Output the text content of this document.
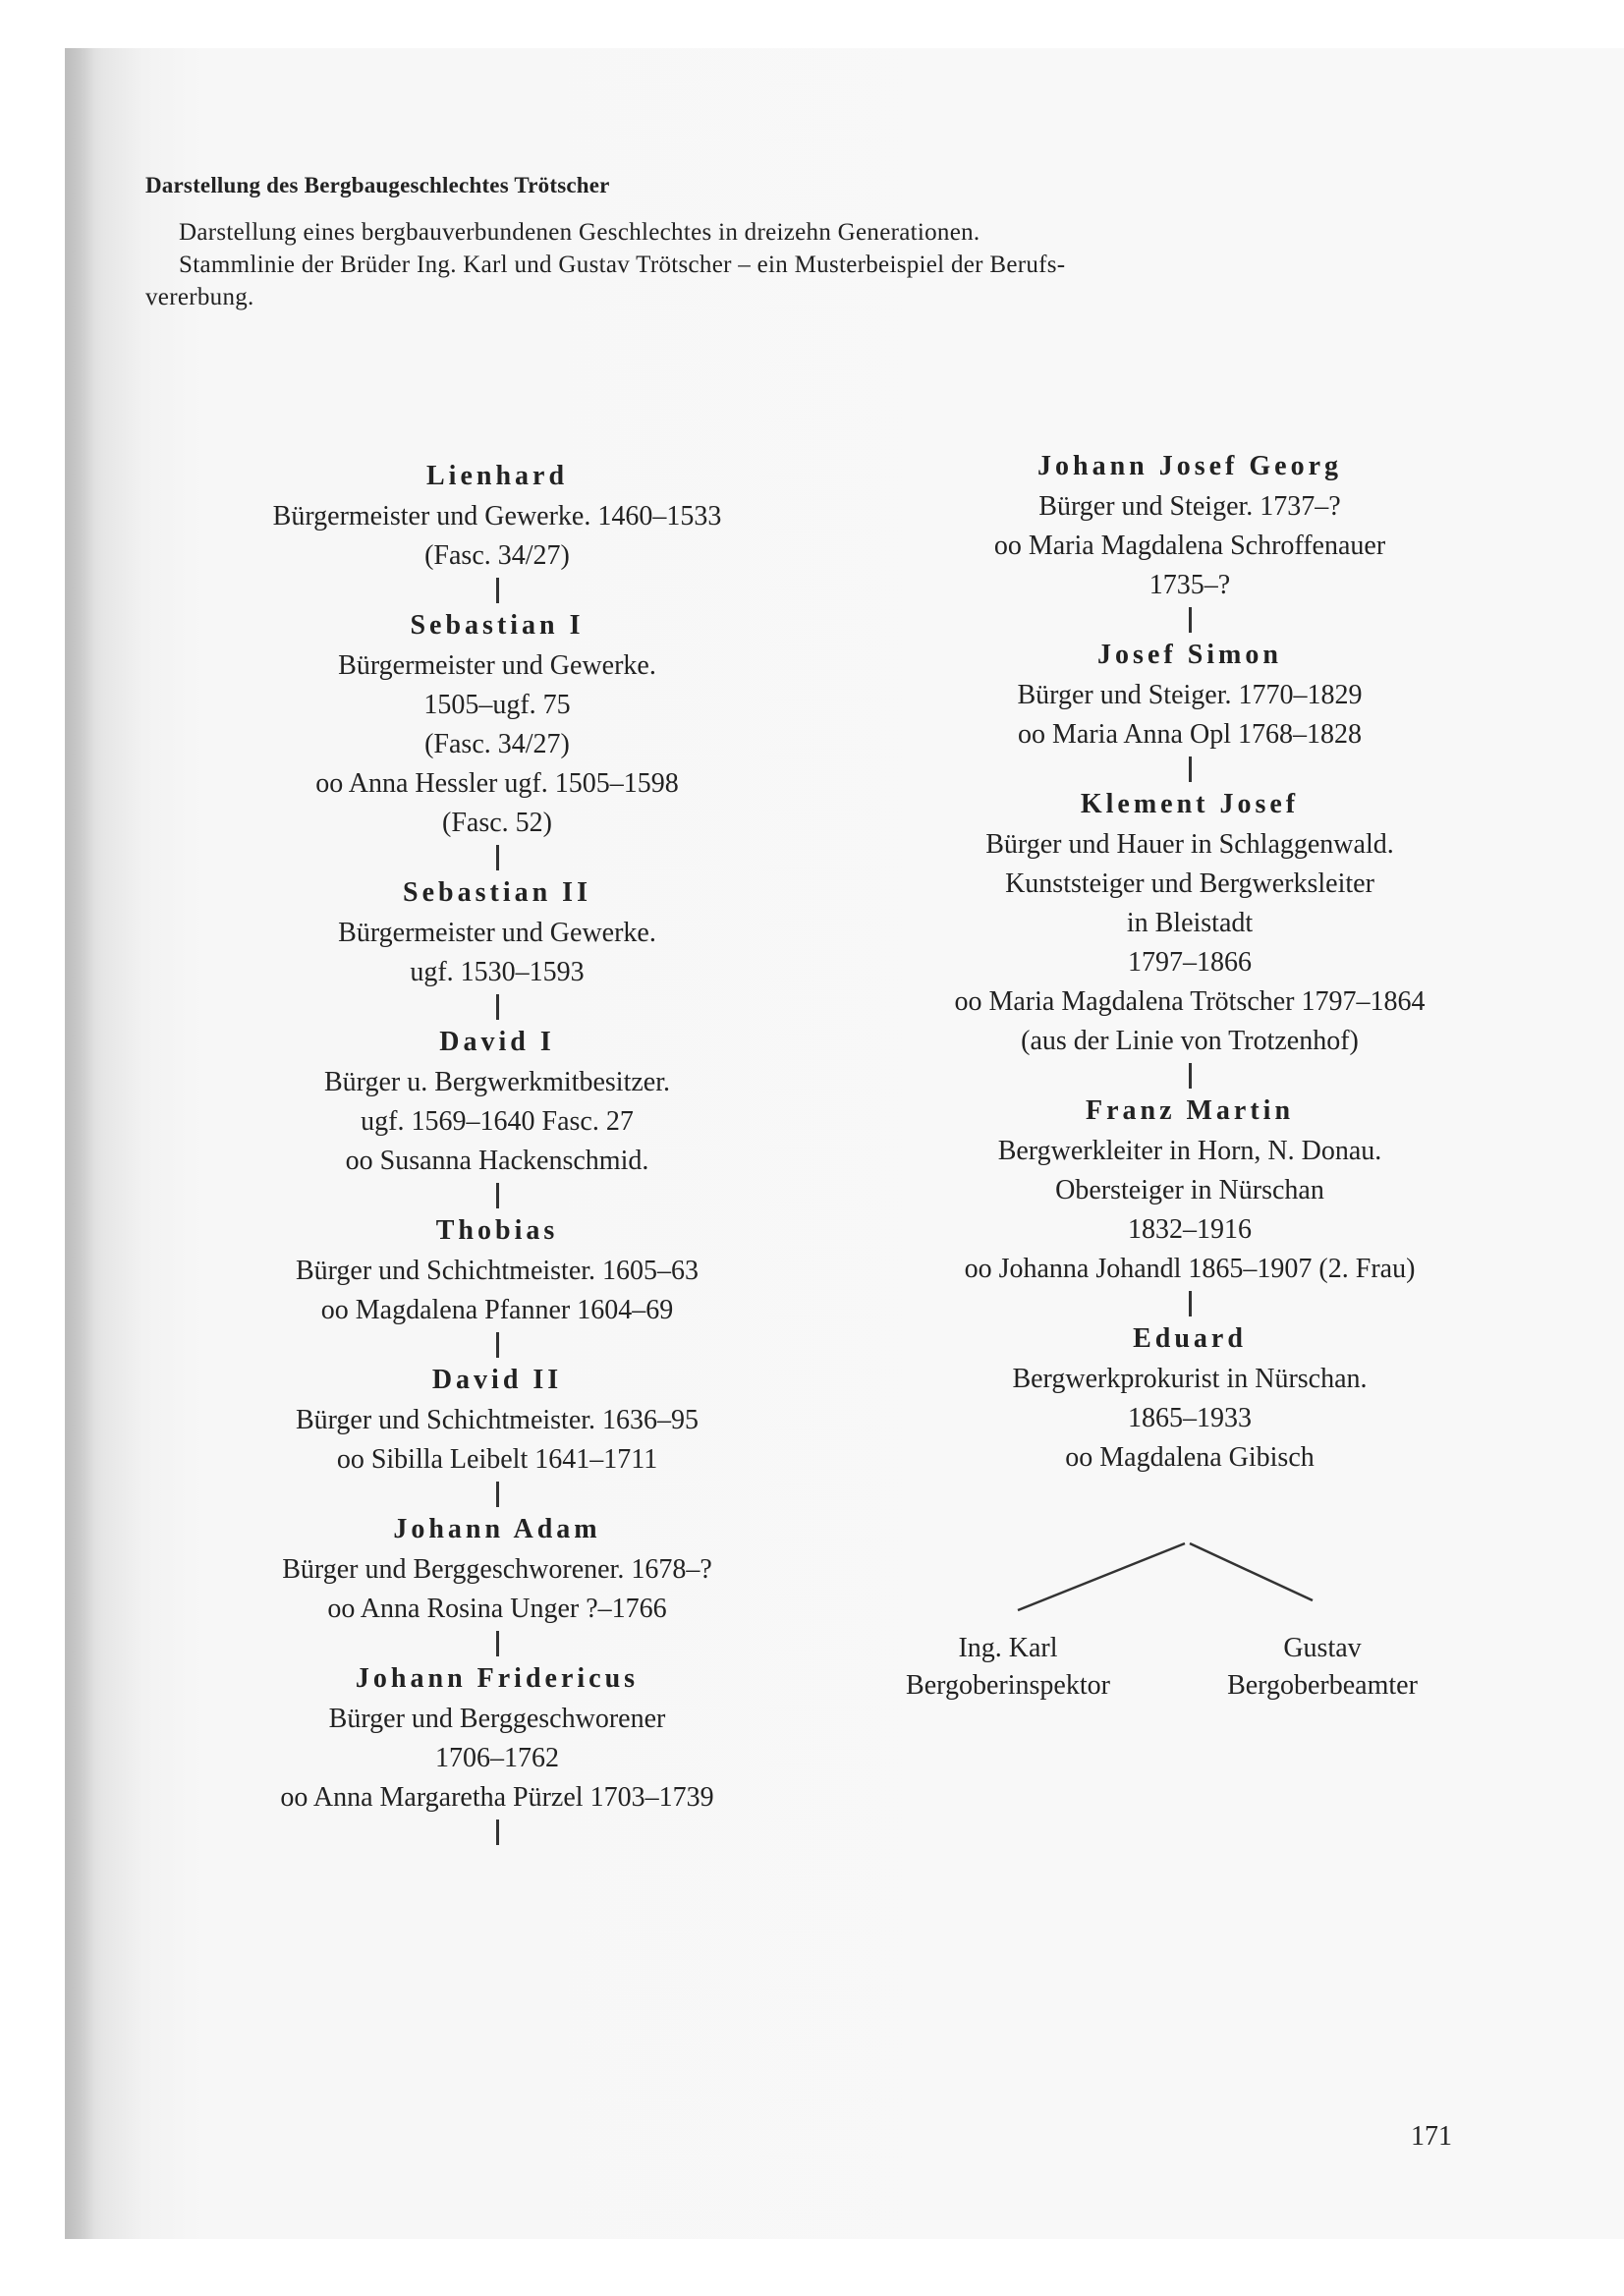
Darstellung des Bergbaugeschlechtes Trötscher

Darstellung eines bergbauverbundenen Geschlechtes in dreizehn Generationen.

Stammlinie der Brüder Ing. Karl und Gustav Trötscher – ein Musterbeispiel der Berufs-

vererbung.

Lienhard
Bürgermeister und Gewerke. 1460–1533
(Fasc. 34/27)
Sebastian I
Bürgermeister und Gewerke.
1505–ugf. 75
(Fasc. 34/27)
oo Anna Hessler ugf. 1505–1598
(Fasc. 52)
Sebastian II
Bürgermeister und Gewerke.
ugf. 1530–1593
David I
Bürger u. Bergwerkmitbesitzer.
ugf. 1569–1640 Fasc. 27
oo Susanna Hackenschmid.
Thobias
Bürger und Schichtmeister. 1605–63
oo Magdalena Pfanner 1604–69
David II
Bürger und Schichtmeister. 1636–95
oo Sibilla Leibelt 1641–1711
Johann Adam
Bürger und Berggeschworener. 1678–?
oo Anna Rosina Unger ?–1766
Johann Fridericus
Bürger und Berggeschworener
1706–1762
oo Anna Margaretha Pürzel 1703–1739
Johann Josef Georg
Bürger und Steiger. 1737–?
oo Maria Magdalena Schroffenauer
1735–?
Josef Simon
Bürger und Steiger. 1770–1829
oo Maria Anna Opl 1768–1828
Klement Josef
Bürger und Hauer in Schlaggenwald.
Kunststeiger und Bergwerksleiter
in Bleistadt
1797–1866
oo Maria Magdalena Trötscher 1797–1864
(aus der Linie von Trotzenhof)
Franz Martin
Bergwerkleiter in Horn, N. Donau.
Obersteiger in Nürschan
1832–1916
oo Johanna Johandl 1865–1907 (2. Frau)
Eduard
Bergwerkprokurist in Nürschan.
1865–1933
oo Magdalena Gibisch
Ing. Karl
Bergoberinspektor
Gustav
Bergoberbeamter
171
